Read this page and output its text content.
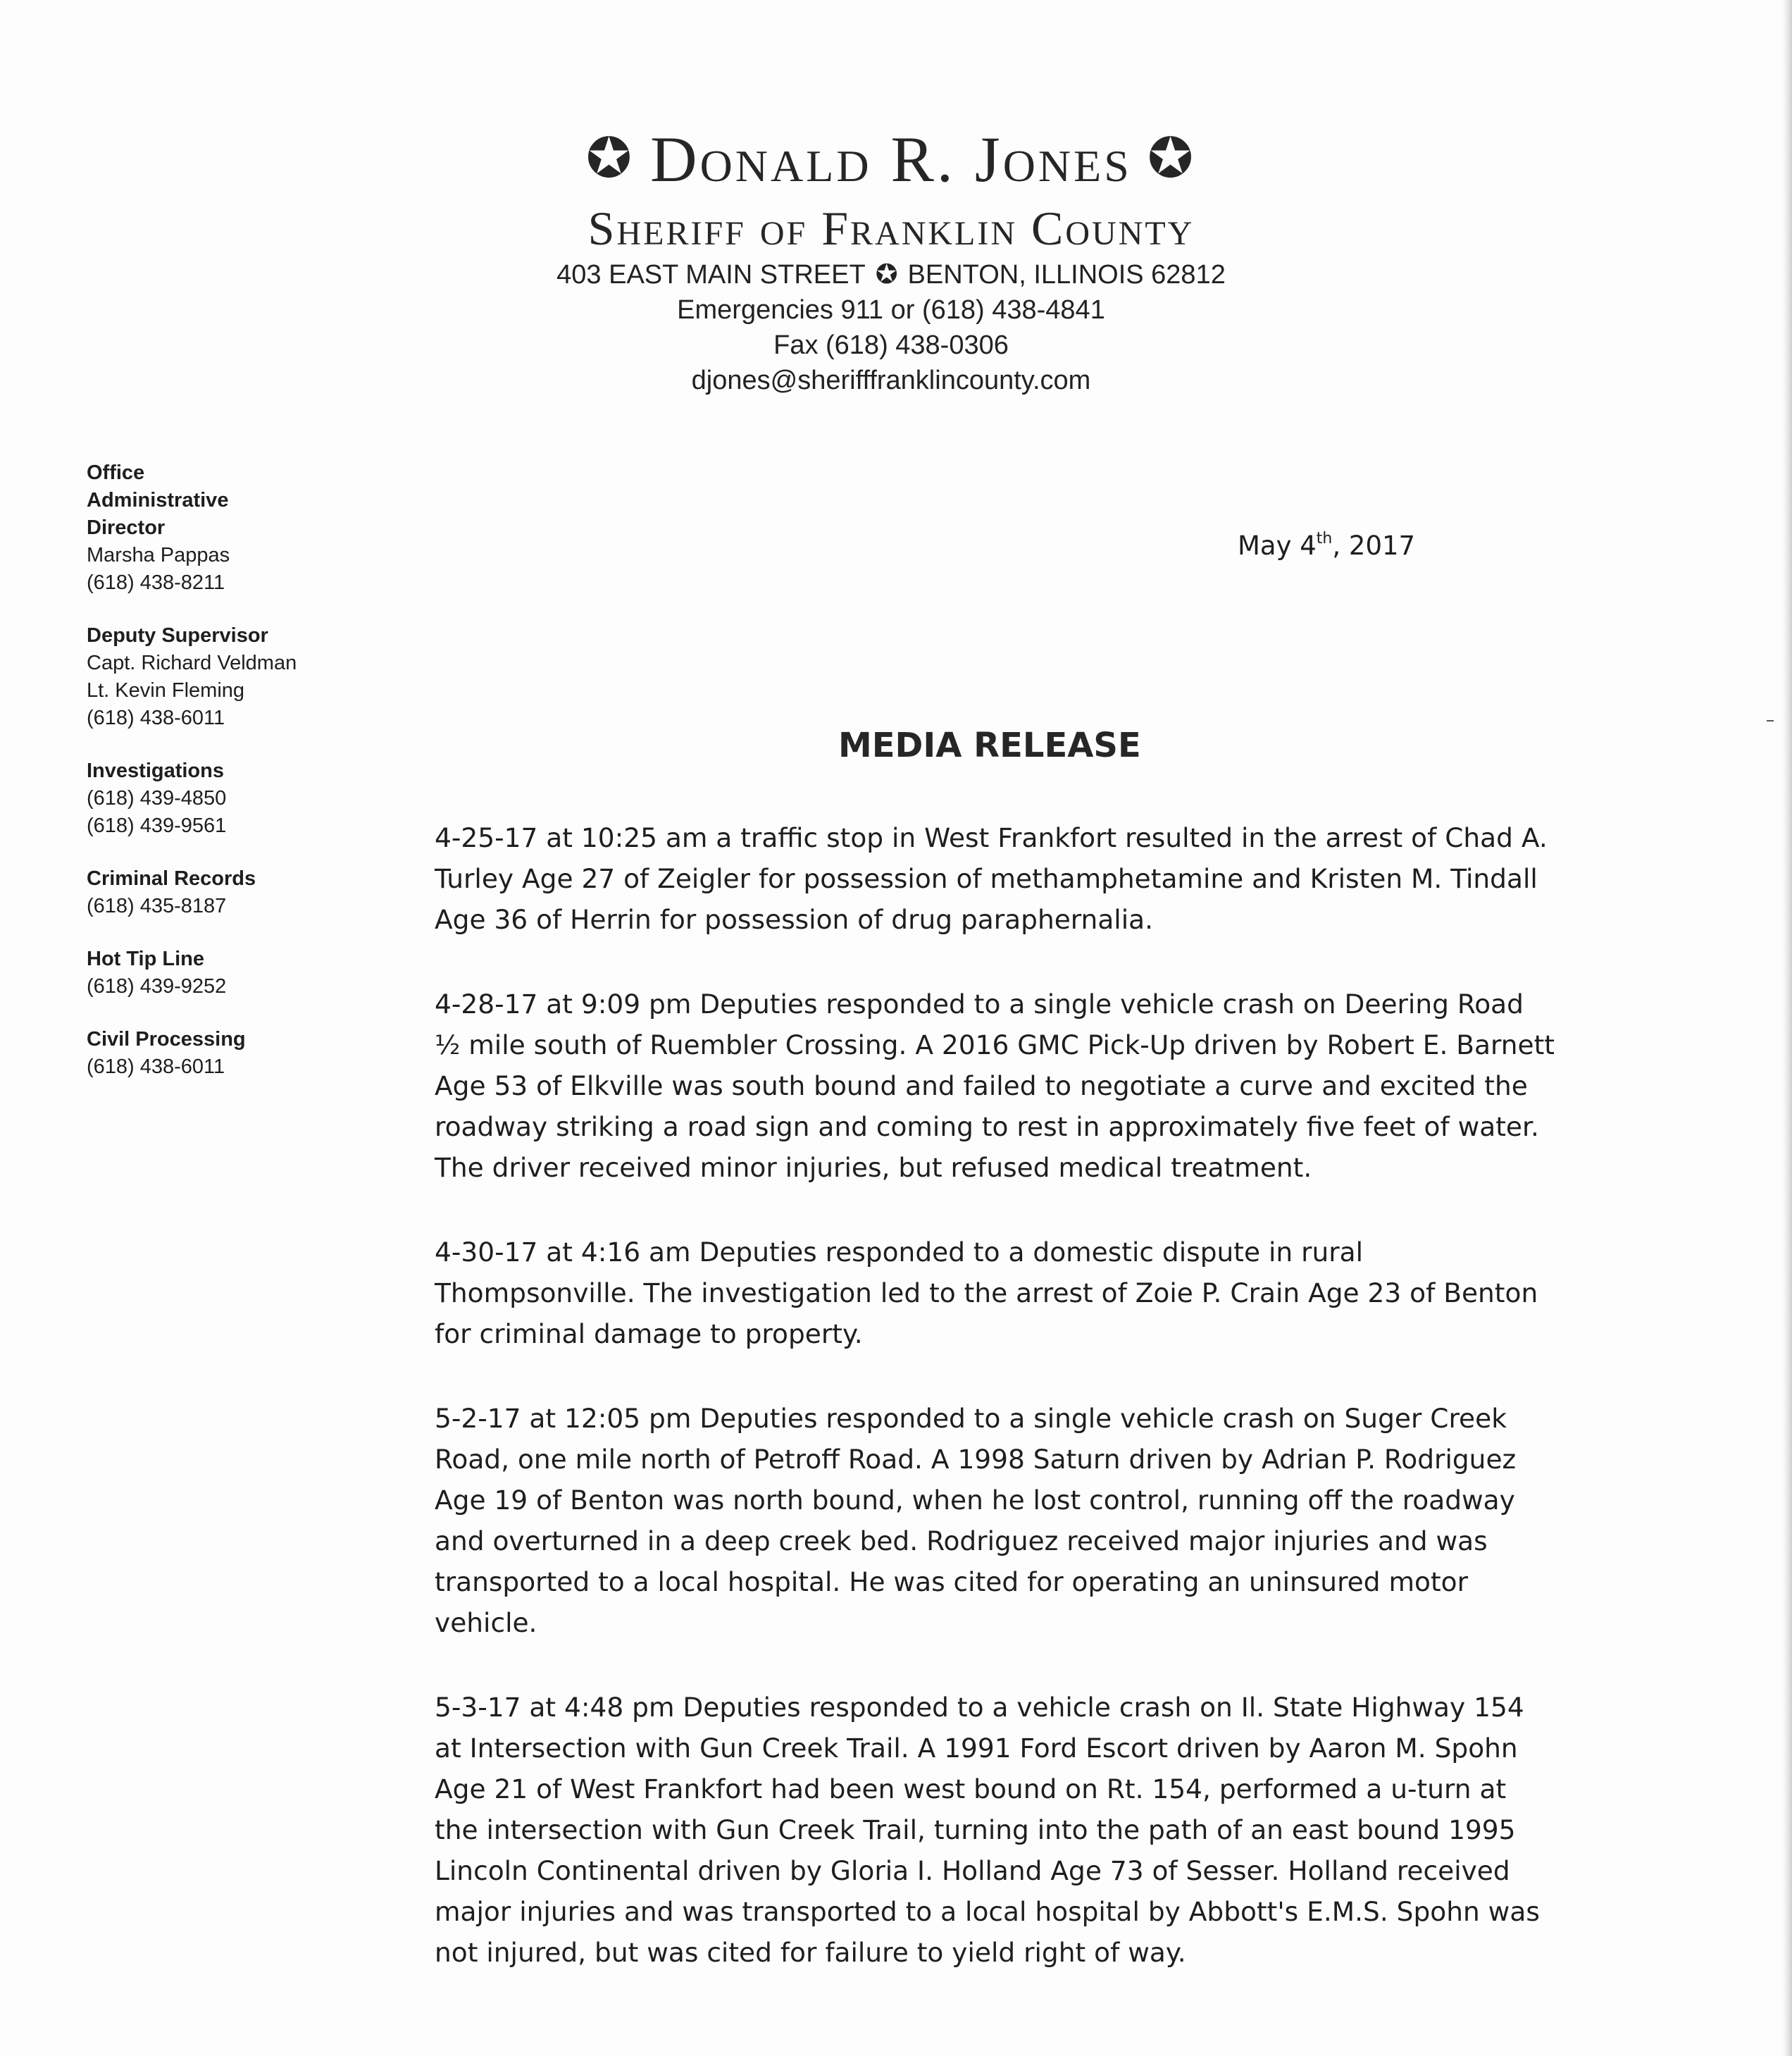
✪ Donald R. Jones ✪
Sheriff of Franklin County
403 EAST MAIN STREET ✪ BENTON, ILLINOIS 62812
Emergencies 911 or (618) 438-4841
Fax (618) 438-0306
djones@sherifffranklincounty.com
Office
Administrative
Director
Marsha Pappas
(618) 438-8211
Deputy Supervisor
Capt. Richard Veldman
Lt. Kevin Fleming
(618) 438-6011
Investigations
(618) 439-4850
(618) 439-9561
Criminal Records
(618) 435-8187
Hot Tip Line
(618) 439-9252
Civil Processing
(618) 438-6011
May 4th, 2017
MEDIA RELEASE

4-25-17 at 10:25 am a traffic stop in West Frankfort resulted in the arrest of Chad A. Turley Age 27 of Zeigler for possession of methamphetamine and Kristen M. Tindall Age 36 of Herrin for possession of drug paraphernalia.

4-28-17 at 9:09 pm Deputies responded to a single vehicle crash on Deering Road ½ mile south of Ruembler Crossing. A 2016 GMC Pick-Up driven by Robert E. Barnett Age 53 of Elkville was south bound and failed to negotiate a curve and excited the roadway striking a road sign and coming to rest in approximately five feet of water. The driver received minor injuries, but refused medical treatment.

4-30-17 at 4:16 am Deputies responded to a domestic dispute in rural Thompsonville. The investigation led to the arrest of Zoie P. Crain Age 23 of Benton for criminal damage to property.

5-2-17 at 12:05 pm Deputies responded to a single vehicle crash on Suger Creek Road, one mile north of Petroff Road. A 1998 Saturn driven by Adrian P. Rodriguez Age 19 of Benton was north bound, when he lost control, running off the roadway and overturned in a deep creek bed. Rodriguez received major injuries and was transported to a local hospital. He was cited for operating an uninsured motor vehicle.

5-3-17 at 4:48 pm Deputies responded to a vehicle crash on Il. State Highway 154 at Intersection with Gun Creek Trail. A 1991 Ford Escort driven by Aaron M. Spohn Age 21 of West Frankfort had been west bound on Rt. 154, performed a u-turn at the intersection with Gun Creek Trail, turning into the path of an east bound 1995 Lincoln Continental driven by Gloria I. Holland Age 73 of Sesser. Holland received major injuries and was transported to a local hospital by Abbott's E.M.S. Spohn was not injured, but was cited for failure to yield right of way.
